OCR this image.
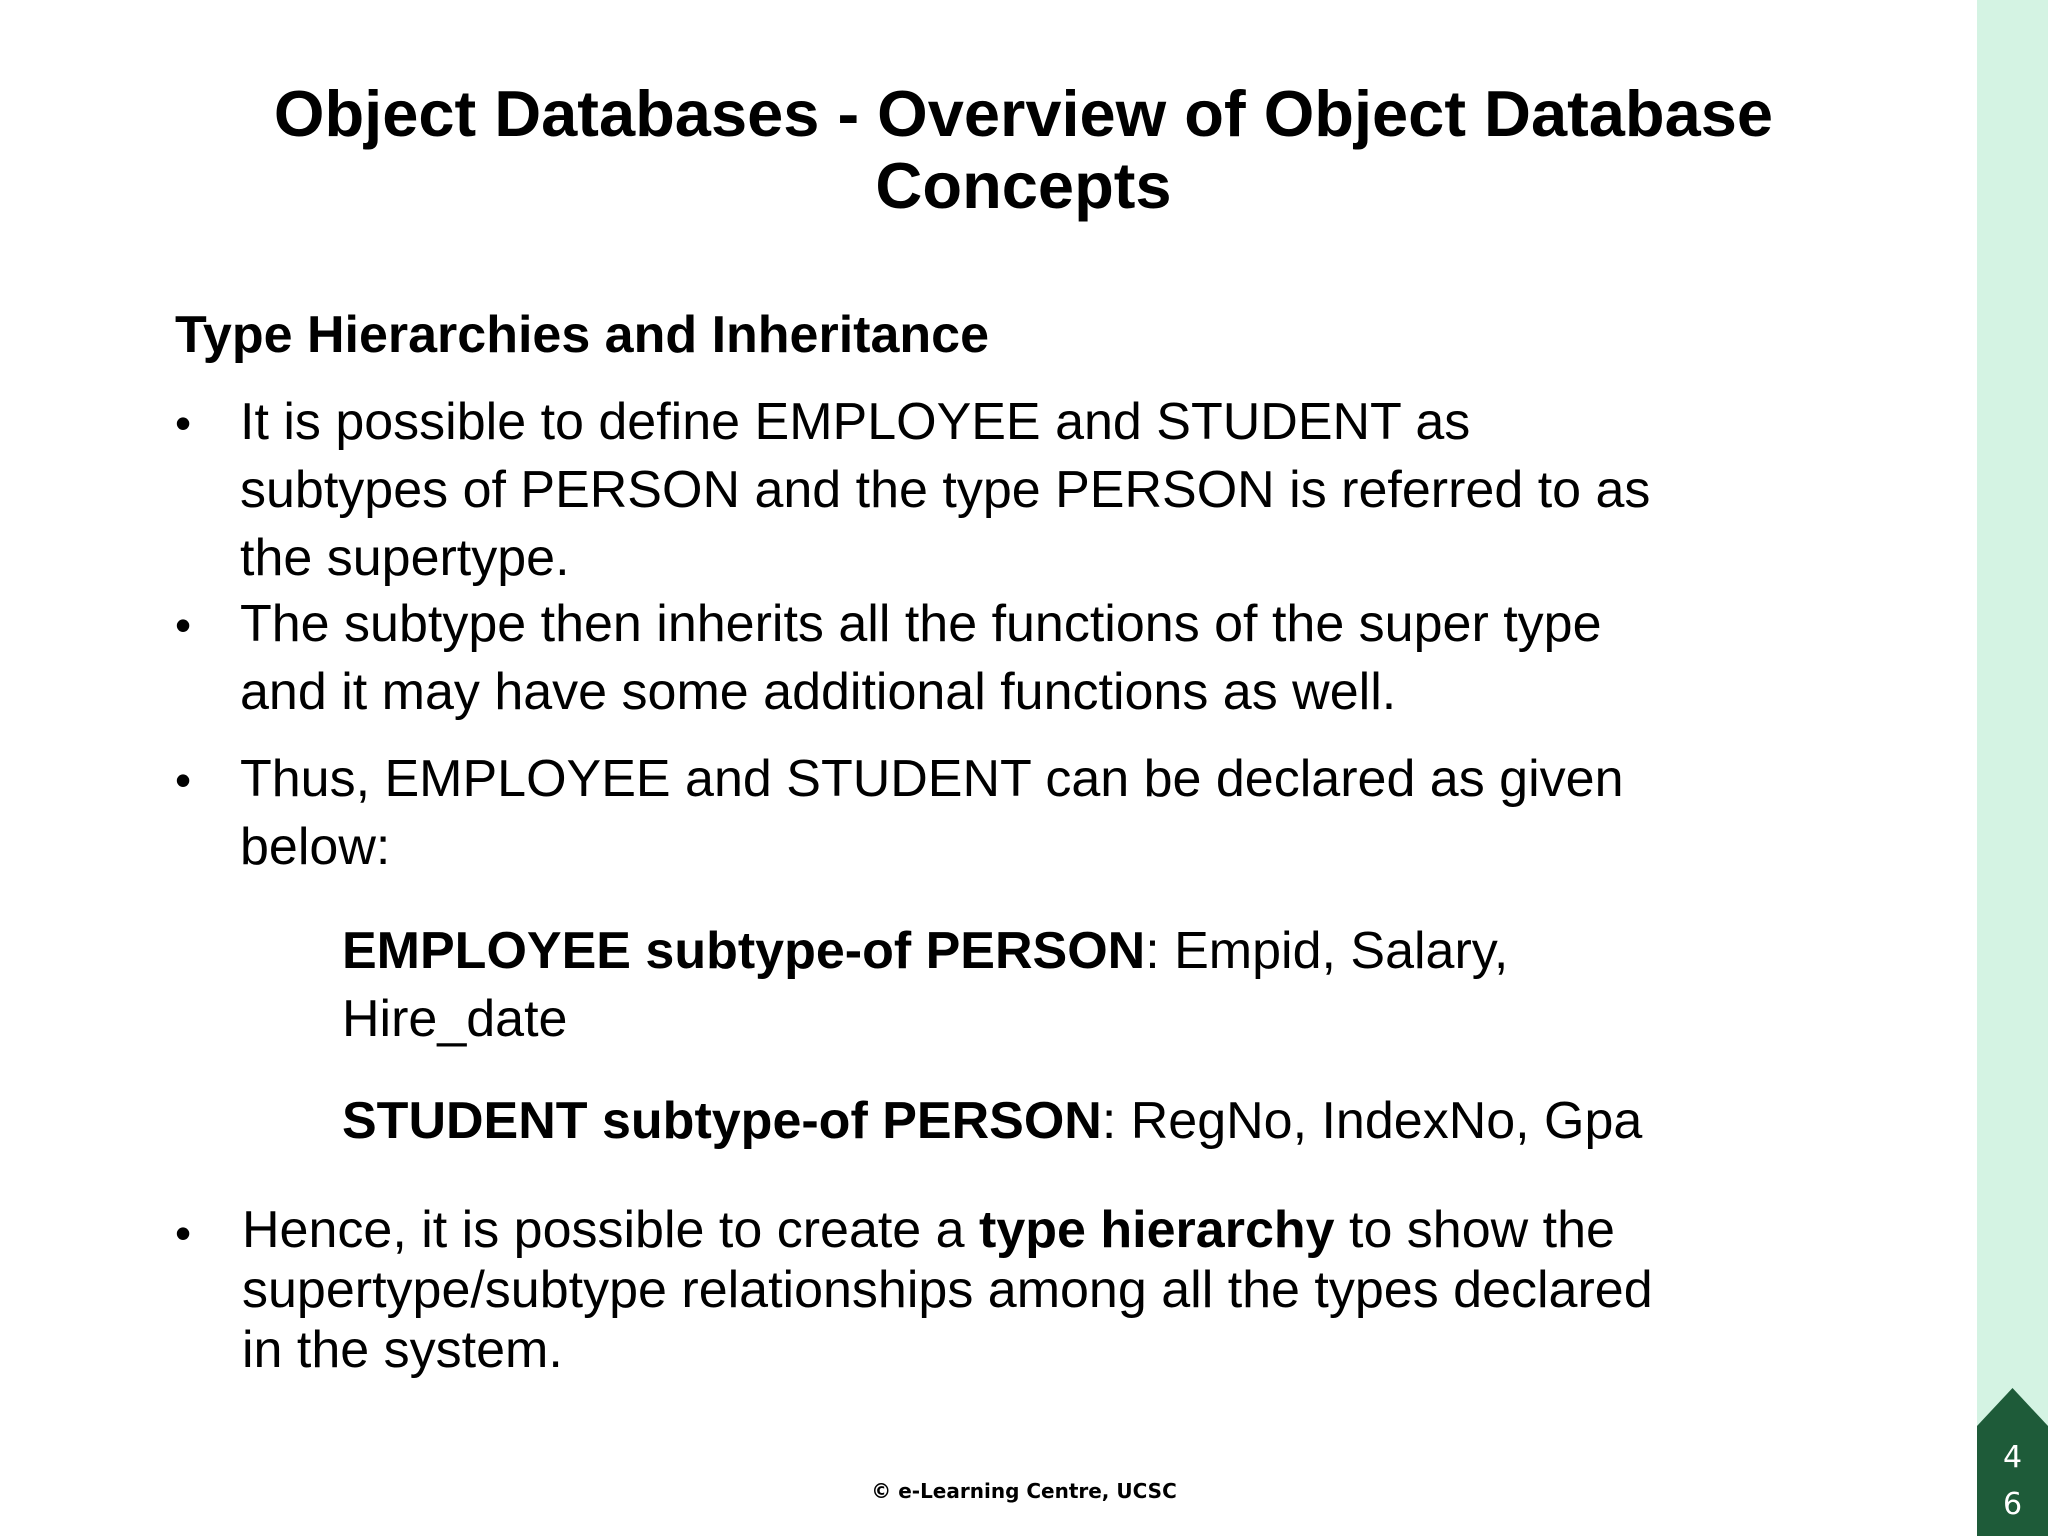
4
6
Object Databases - Overview of Object Database
Concepts
Type Hierarchies and Inheritance
• It is possible to define EMPLOYEE and STUDENT as
subtypes of PERSON and the type PERSON is referred to as
the supertype.
• The subtype then inherits all the functions of the super type
and it may have some additional functions as well.
• Thus, EMPLOYEE and STUDENT can be declared as given
below:
EMPLOYEE subtype-of PERSON: Empid, Salary,
Hire_date
STUDENT subtype-of PERSON: RegNo, IndexNo, Gpa
• Hence, it is possible to create a type hierarchy to show the
supertype/subtype relationships among all the types declared
in the system.
© e-Learning Centre, UCSC
